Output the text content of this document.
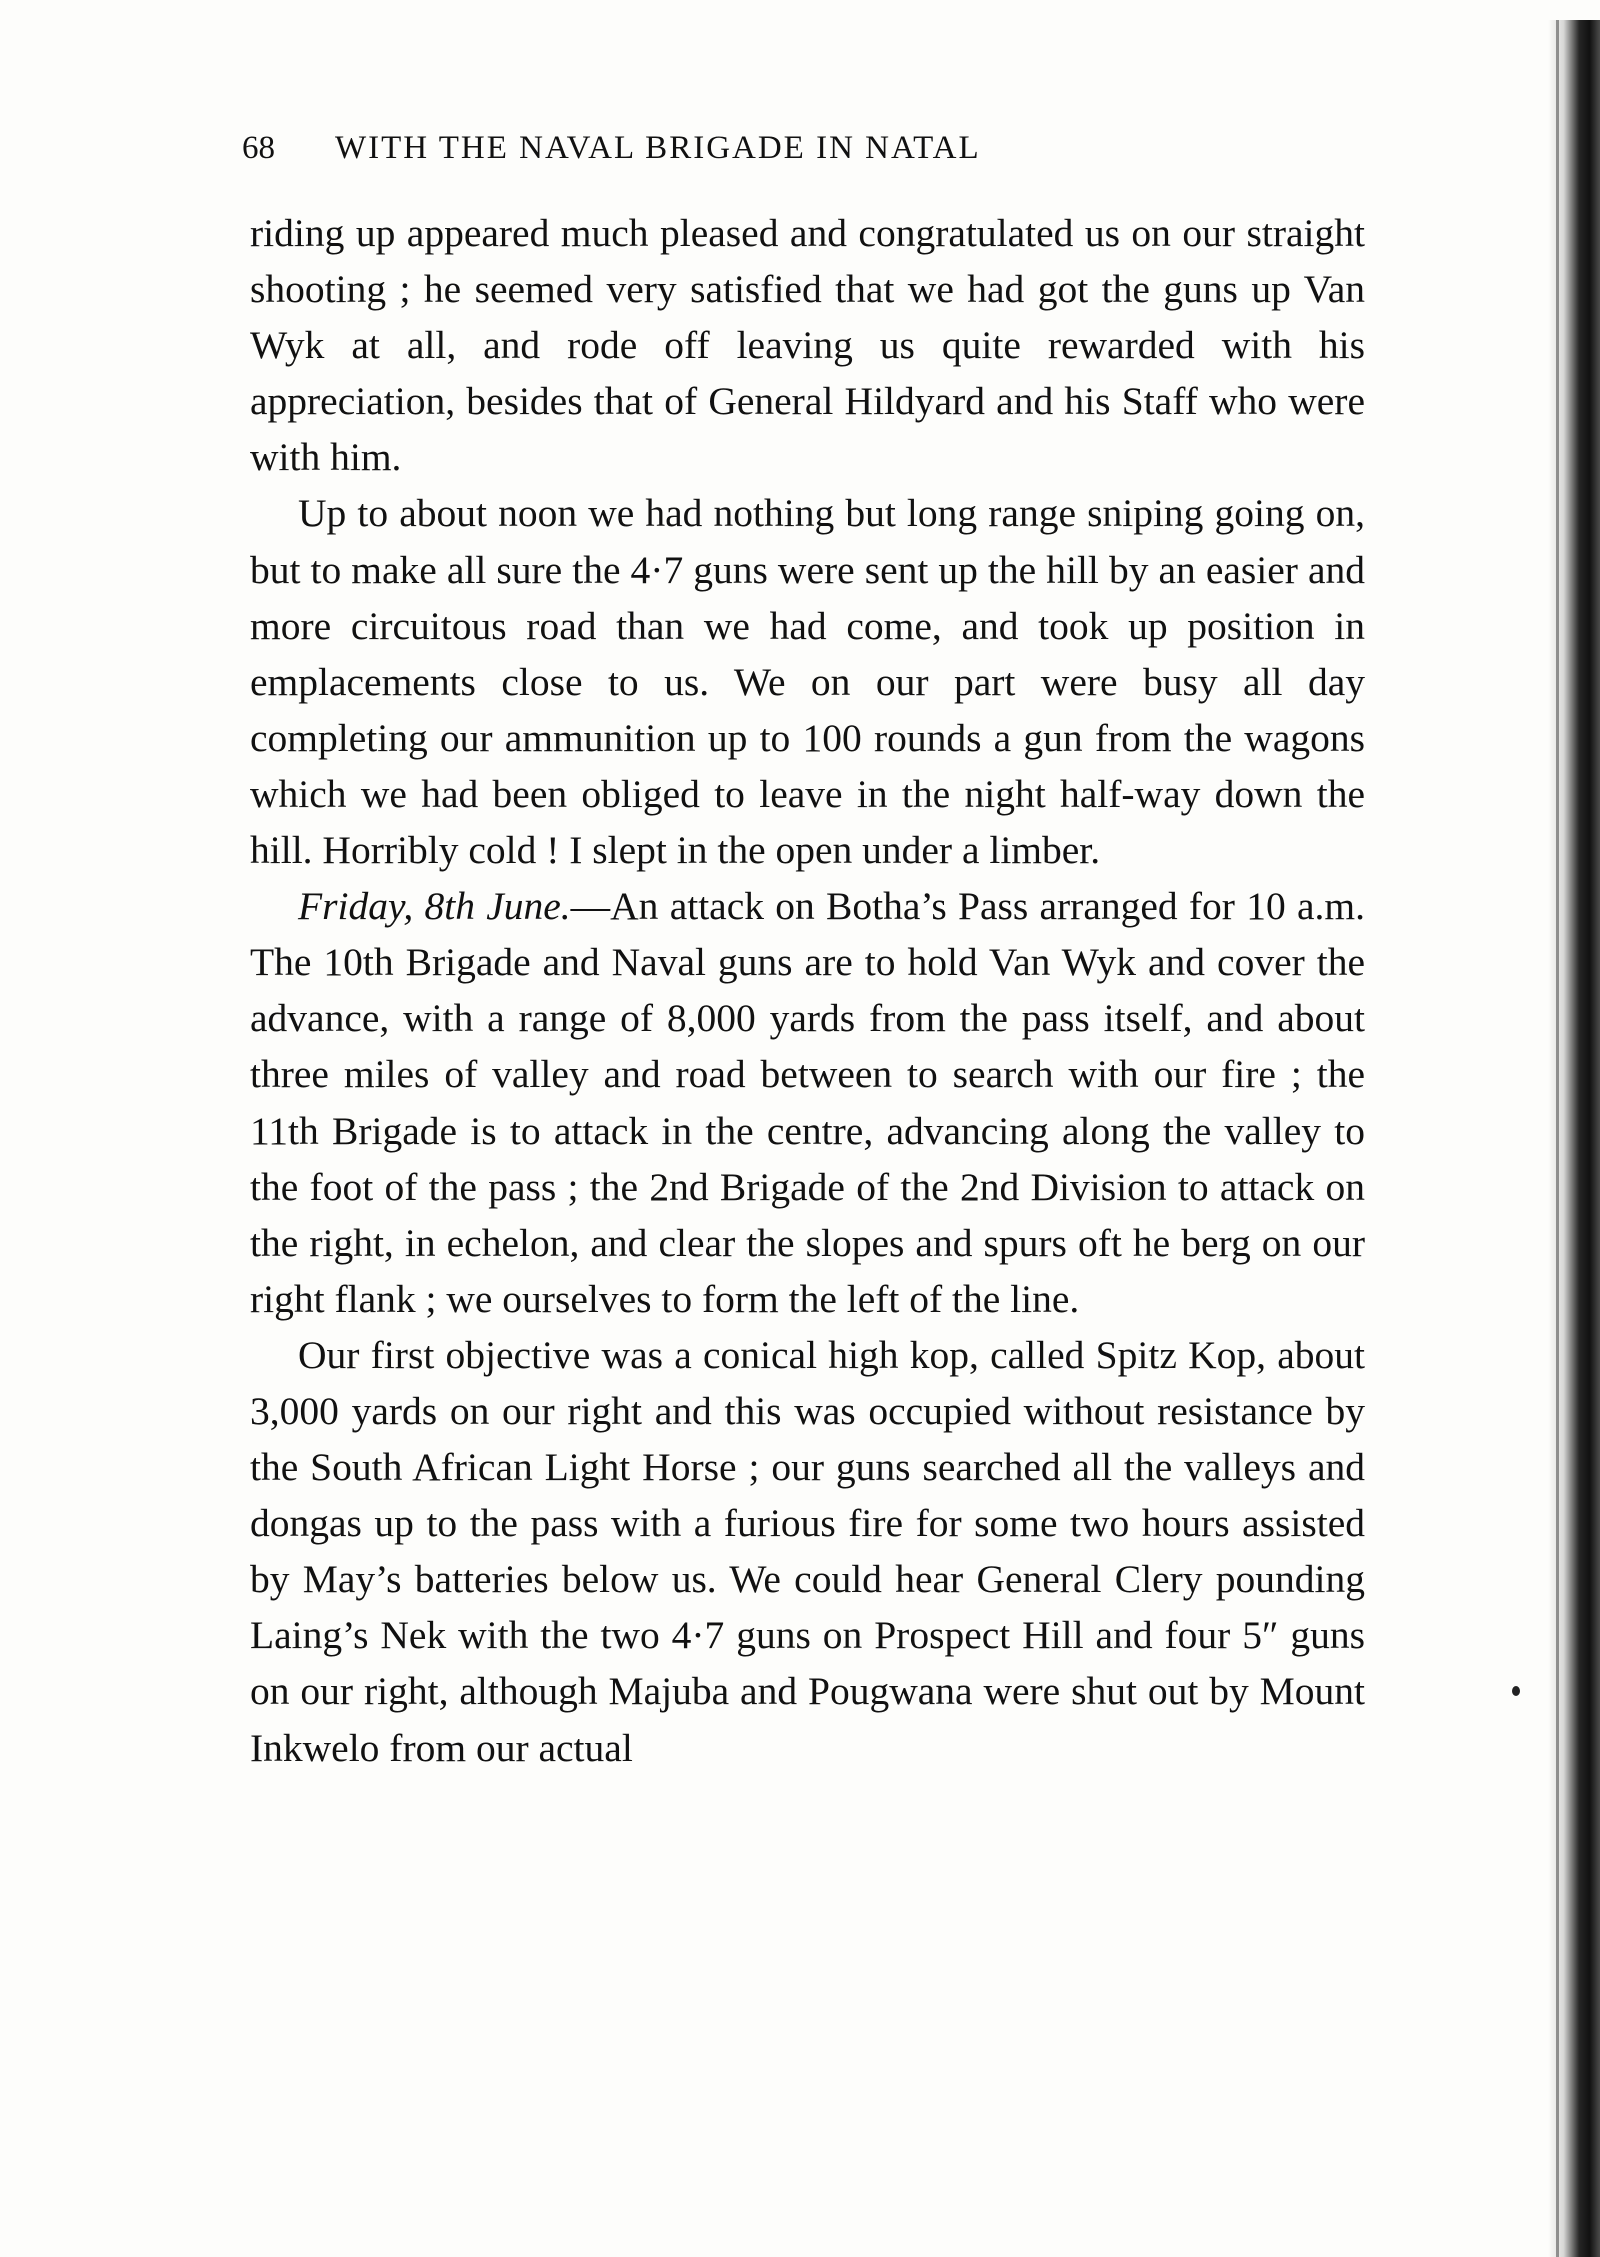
68 WITH THE NAVAL BRIGADE IN NATAL

riding up appeared much pleased and congratulated us on our straight shooting ; he seemed very satisfied that we had got the guns up Van Wyk at all, and rode off leaving us quite rewarded with his appreciation, besides that of General Hildyard and his Staff who were with him.

Up to about noon we had nothing but long range sniping going on, but to make all sure the 4·7 guns were sent up the hill by an easier and more circuitous road than we had come, and took up position in emplacements close to us. We on our part were busy all day completing our ammunition up to 100 rounds a gun from the wagons which we had been obliged to leave in the night half-way down the hill. Horribly cold ! I slept in the open under a limber.

Friday, 8th June.—An attack on Botha’s Pass arranged for 10 a.m. The 10th Brigade and Naval guns are to hold Van Wyk and cover the advance, with a range of 8,000 yards from the pass itself, and about three miles of valley and road between to search with our fire ; the 11th Brigade is to attack in the centre, advancing along the valley to the foot of the pass ; the 2nd Brigade of the 2nd Division to attack on the right, in echelon, and clear the slopes and spurs oft he berg on our right flank ; we ourselves to form the left of the line.

Our first objective was a conical high kop, called Spitz Kop, about 3,000 yards on our right and this was occupied without resistance by the South African Light Horse ; our guns searched all the valleys and dongas up to the pass with a furious fire for some two hours assisted by May’s batteries below us. We could hear General Clery pounding Laing’s Nek with the two 4·7 guns on Prospect Hill and four 5″ guns on our right, although Majuba and Pougwana were shut out by Mount Inkwelo from our actual
